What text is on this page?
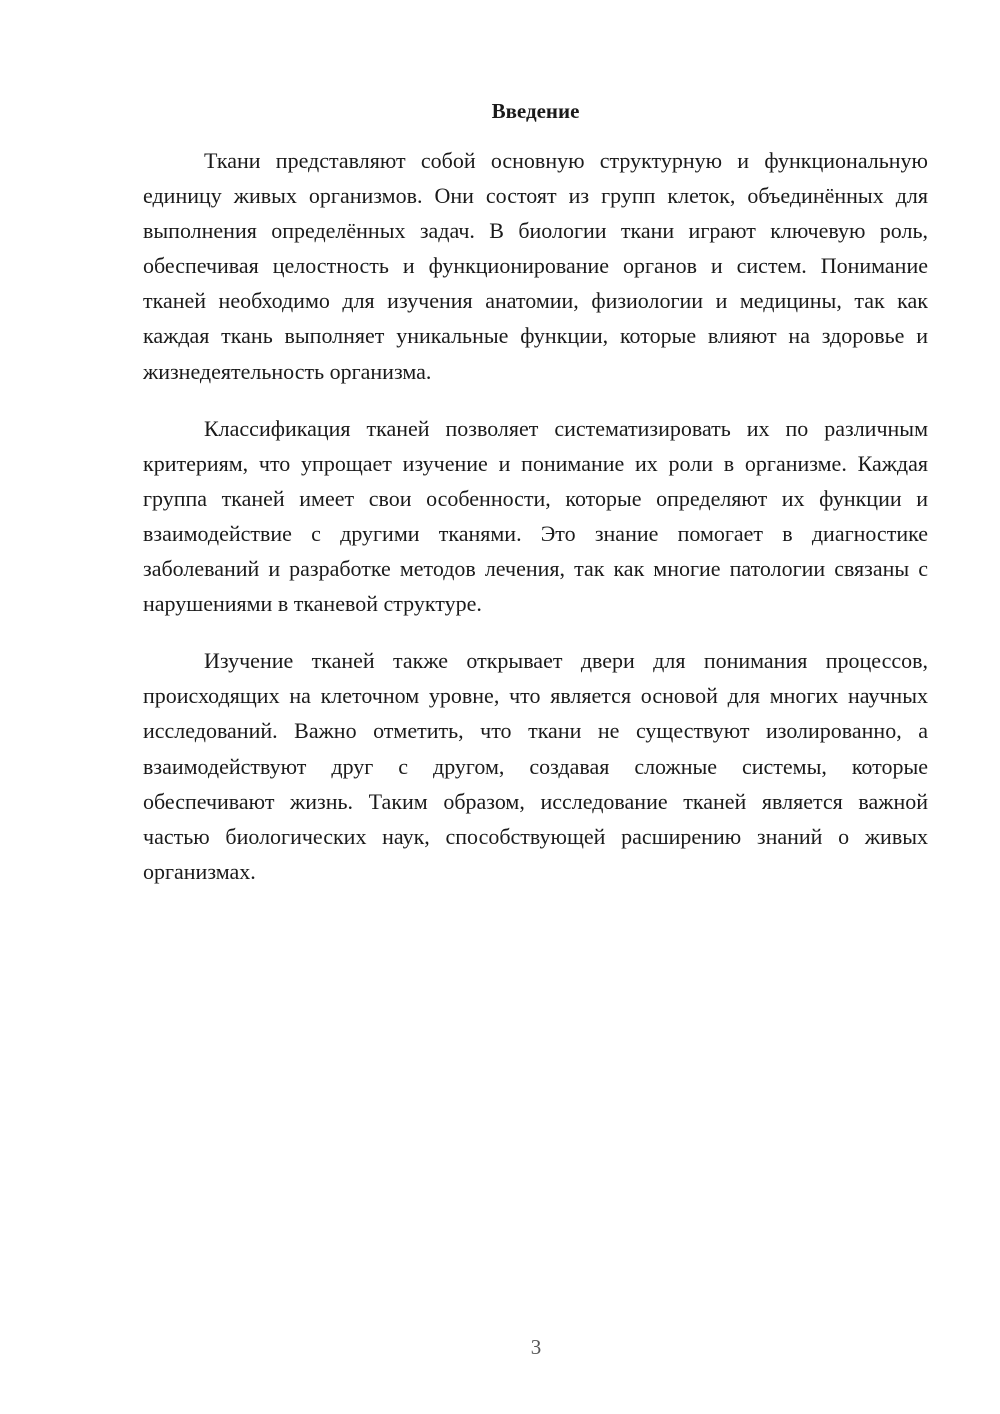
Введение

Ткани представляют собой основную структурную и функциональную единицу живых организмов. Они состоят из групп клеток, объединённых для выполнения определённых задач. В биологии ткани играют ключевую роль, обеспечивая целостность и функционирование органов и систем. Понимание тканей необходимо для изучения анатомии, физиологии и медицины, так как каждая ткань выполняет уникальные функции, которые влияют на здоровье и жизнедеятельность организма.

Классификация тканей позволяет систематизировать их по различным критериям, что упрощает изучение и понимание их роли в организме. Каждая группа тканей имеет свои особенности, которые определяют их функции и взаимодействие с другими тканями. Это знание помогает в диагностике заболеваний и разработке методов лечения, так как многие патологии связаны с нарушениями в тканевой структуре.

Изучение тканей также открывает двери для понимания процессов, происходящих на клеточном уровне, что является основой для многих научных исследований. Важно отметить, что ткани не существуют изолированно, а взаимодействуют друг с другом, создавая сложные системы, которые обеспечивают жизнь. Таким образом, исследование тканей является важной частью биологических наук, способствующей расширению знаний о живых организмах.

3
